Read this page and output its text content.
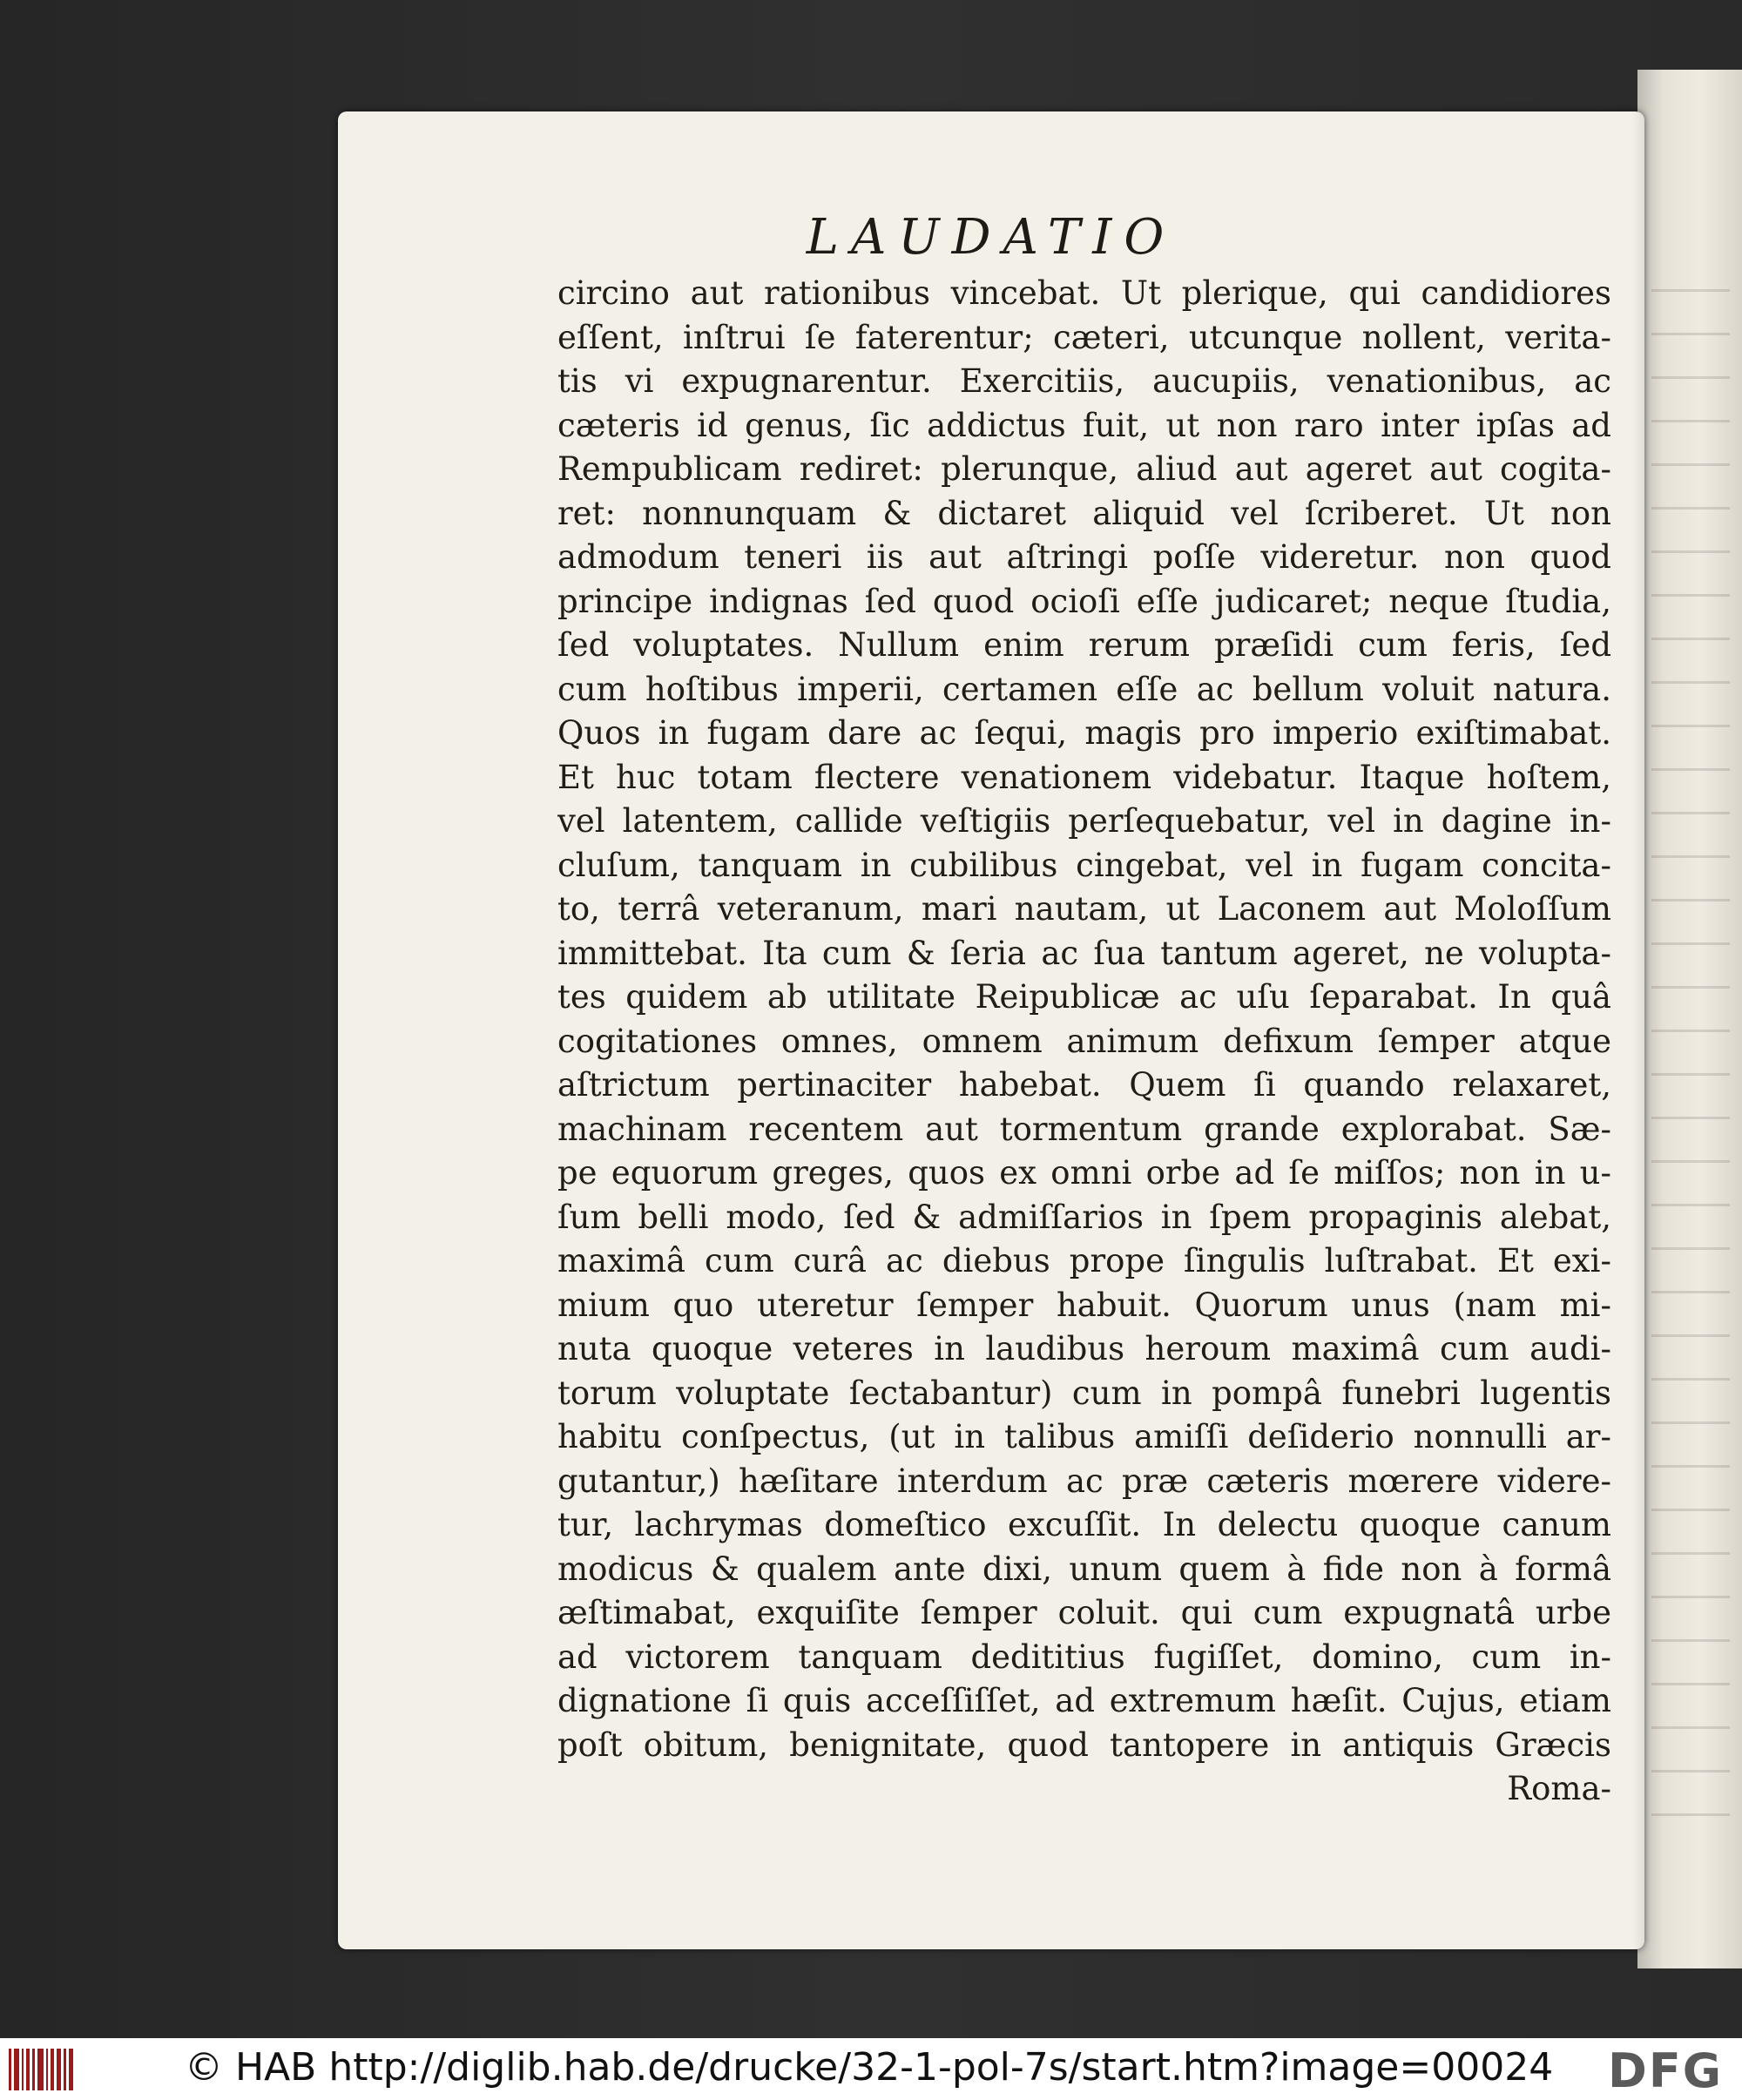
LAUDATIO
circino aut rationibus vincebat. Ut plerique, qui candidiores
eſſent, inſtrui ſe faterentur; cæteri, utcunque nollent, verita-
tis vi expugnarentur. Exercitiis, aucupiis, venationibus, ac
cæteris id genus, ſic addictus fuit, ut non raro inter ipſas ad
Rempublicam rediret: plerunque, aliud aut ageret aut cogita-
ret: nonnunquam & dictaret aliquid vel ſcriberet. Ut non
admodum teneri iis aut aſtringi poſſe videretur. non quod
principe indignas ſed quod ocioſi eſſe judicaret; neque ſtudia,
ſed voluptates. Nullum enim rerum præſidi cum feris, ſed
cum hoſtibus imperii, certamen eſſe ac bellum voluit natura.
Quos in fugam dare ac ſequi, magis pro imperio exiſtimabat.
Et huc totam flectere venationem videbatur. Itaque hoſtem,
vel latentem, callide veſtigiis perſequebatur, vel in dagine in-
cluſum, tanquam in cubilibus cingebat, vel in fugam concita-
to, terrâ veteranum, mari nautam, ut Laconem aut Moloſſum
immittebat. Ita cum & ſeria ac ſua tantum ageret, ne volupta-
tes quidem ab utilitate Reipublicæ ac uſu ſeparabat. In quâ
cogitationes omnes, omnem animum defixum ſemper atque
aſtrictum pertinaciter habebat. Quem ſi quando relaxaret,
machinam recentem aut tormentum grande explorabat. Sæ-
pe equorum greges, quos ex omni orbe ad ſe miſſos; non in u-
ſum belli modo, ſed & admiſſarios in ſpem propaginis alebat,
maximâ cum curâ ac diebus prope ſingulis luſtrabat. Et exi-
mium quo uteretur ſemper habuit. Quorum unus (nam mi-
nuta quoque veteres in laudibus heroum maximâ cum audi-
torum voluptate ſectabantur) cum in pompâ funebri lugentis
habitu conſpectus, (ut in talibus amiſſi deſiderio nonnulli ar-
gutantur,) hæſitare interdum ac præ cæteris mœrere videre-
tur, lachrymas domeſtico excuſſit. In delectu quoque canum
modicus & qualem ante dixi, unum quem à fide non à formâ
æſtimabat, exquiſite ſemper coluit. qui cum expugnatâ urbe
ad victorem tanquam dedititius fugiſſet, domino, cum in-
dignatione ſi quis acceſſiſſet, ad extremum hæſit. Cujus, etiam
poſt obitum, benignitate, quod tantopere in antiquis Græcis
Roma-
© HAB http://diglib.hab.de/drucke/32-1-pol-7s/start.htm?image=00024 DFG
